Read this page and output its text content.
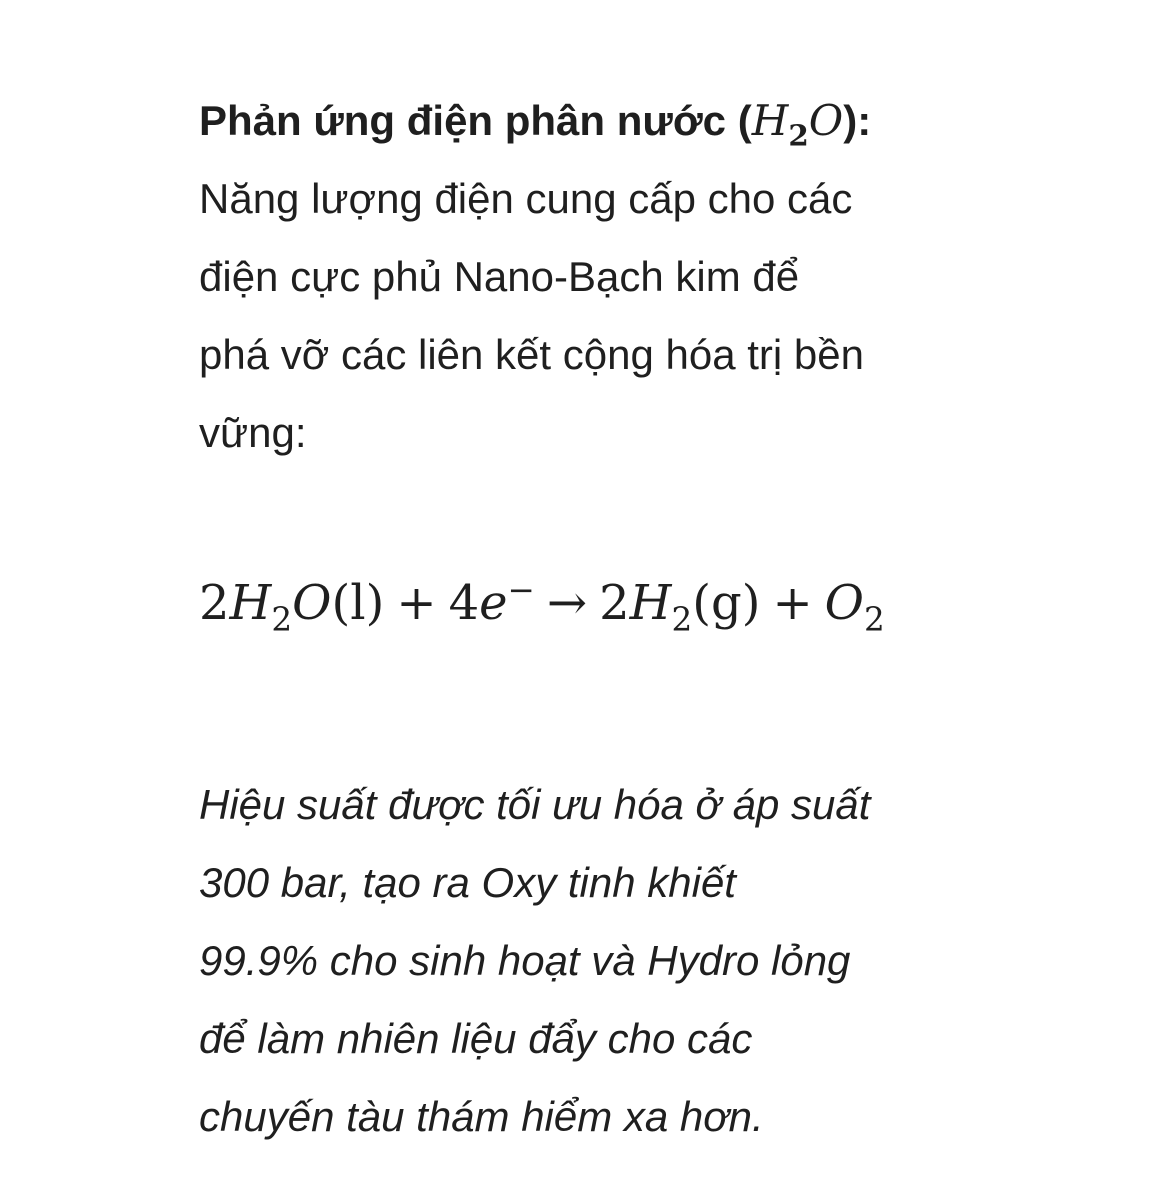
Phản ứng điện phân nước $(H_2O)$:
Năng lượng điện cung cấp cho các
điện cực phủ Nano-Bạch kim để
phá vỡ các liên kết cộng hóa trị bền
vững:

$2H_2O(l) + 4e^- \to 2H_2(g) + O_2$

Hiệu suất được tối ưu hóa ở áp suất
300 bar, tạo ra Oxy tinh khiết
99.9% cho sinh hoạt và Hydro lỏng
để làm nhiên liệu đẩy cho các
chuyến tàu thám hiểm xa hơn.
